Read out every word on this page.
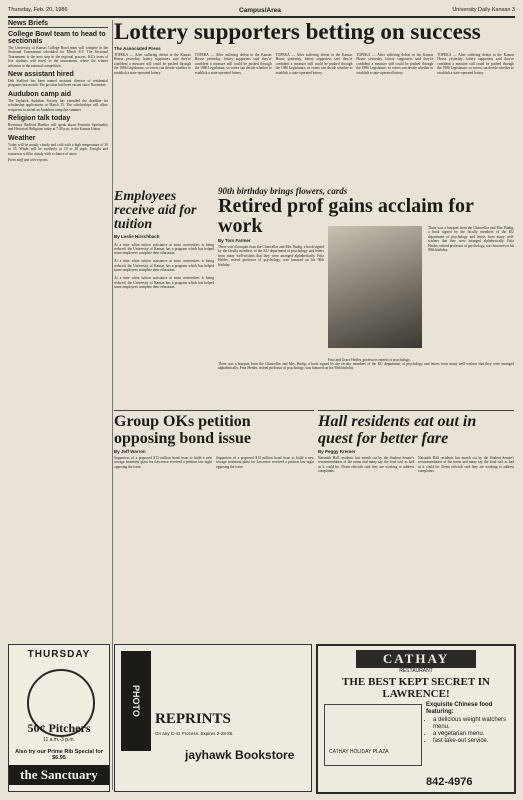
Thursday, Feb. 20, 1986	Campus/Area	University Daily Kansan 3
News Briefs
College Bowl team to head to sectionals

The University of Kansas College Bowl team will compete in the Sectional Tournament scheduled for March 8-9. The Sectional Tournament is the next step in the regional process. KU's team of five students will travel to the tournament, where the winner advances to the national competition.

New assistant hired

Deb Stafford has been named assistant director of residential programs last month. The position had been vacant since November.

Audubon camp aid

The Jayhawk Audubon Society has extended the deadline for scholarship applications to March 15. The scholarships will allow recipients to attend an Audubon camp this summer.

Religion talk today

Rosemary Radford Ruether will speak about Feminist Spirituality and Historical Religions today at 7:30 p.m. in the Kansas Union.

Weather

Today will be mostly cloudy and cold with a high temperature of 30 to 35. Winds will be northerly at 10 to 20 mph. Tonight and tomorrow will be cloudy with a chance of snow.

From staff and wire reports.

Lottery supporters betting on success
The Associated Press
TOPEKA — After suffering defeat in the Kansas House yesterday, lottery supporters said they're confident a measure still could be pushed through the 1986 Legislature, so voters can decide whether to establish a state-operated lottery.
TOPEKA — After suffering defeat in the Kansas House yesterday, lottery supporters said they're confident a measure still could be pushed through the 1986 Legislature, so voters can decide whether to establish a state-operated lottery.
TOPEKA — After suffering defeat in the Kansas House yesterday, lottery supporters said they're confident a measure still could be pushed through the 1986 Legislature, so voters can decide whether to establish a state-operated lottery.
TOPEKA — After suffering defeat in the Kansas House yesterday, lottery supporters said they're confident a measure still could be pushed through the 1986 Legislature, so voters can decide whether to establish a state-operated lottery.
TOPEKA — After suffering defeat in the Kansas House yesterday, lottery supporters said they're confident a measure still could be pushed through the 1986 Legislature, so voters can decide whether to establish a state-operated lottery.
Employees receive aid for tuition
By Leslie Hirschbach

At a time when tuition assistance at most universities is being reduced, the University of Kansas has a program which has helped some employees complete their education.

At a time when tuition assistance at most universities is being reduced, the University of Kansas has a program which has helped some employees complete their education.

At a time when tuition assistance at most universities is being reduced, the University of Kansas has a program which has helped some employees complete their education.

90th birthday brings flowers, cards
Retired prof gains acclaim for work
By Tom Farmer
There was a bouquet from the Chancellor and Mrs. Budig, a book signed by the faculty members of the KU department of psychology and letters from many well-wishers that they were arranged alphabetically. Fritz Heider, retired professor of psychology, was honored on his 90th birthday.
Fritz and Grace Heider, professors emeriti of psychology.
There was a bouquet from the Chancellor and Mrs. Budig, a book signed by the faculty members of the KU department of psychology and letters from many well-wishers that they were arranged alphabetically. Fritz Heider, retired professor of psychology, was honored on his 90th birthday.
There was a bouquet from the Chancellor and Mrs. Budig, a book signed by the faculty members of the KU department of psychology and letters from many well-wishers that they were arranged alphabetically. Fritz Heider, retired professor of psychology, was honored on his 90th birthday.
Group OKs petition opposing bond issue
By Jeff Warren
Supporters of a proposed $13 million bond issue to build a new sewage treatment plant for Lawrence received a petition last night opposing the issue.
Supporters of a proposed $13 million bond issue to build a new sewage treatment plant for Lawrence received a petition last night opposing the issue.
Hall residents eat out in quest for better fare
By Peggy Kremer
Naismith Hall residents last month cut by the Student Senate's recommendation of the menu and many say the food isn't as bad as it could be. Dorm officials said they are working to address complaints.
Naismith Hall residents last month cut by the Student Senate's recommendation of the menu and many say the food isn't as bad as it could be. Dorm officials said they are working to address complaints.
THURSDAY
50¢ Pitchers
11 a.m.-3 p.m.
Also try our Prime Rib Special for $6.95
the Sanctuary
PHOTO
REPRINTS
On any C-41 Process. Expires 2-28-86.
jayhawk Bookstore
CATHAY
RESTAURANT
THE BEST KEPT SECRET IN LAWRENCE!
CATHAY HOLIDAY PLAZA
Exquisite Chinese food featuring:
• a delicious weight watchers menu.
• a vegetarian menu.
• fast take-out service.
842-4976
